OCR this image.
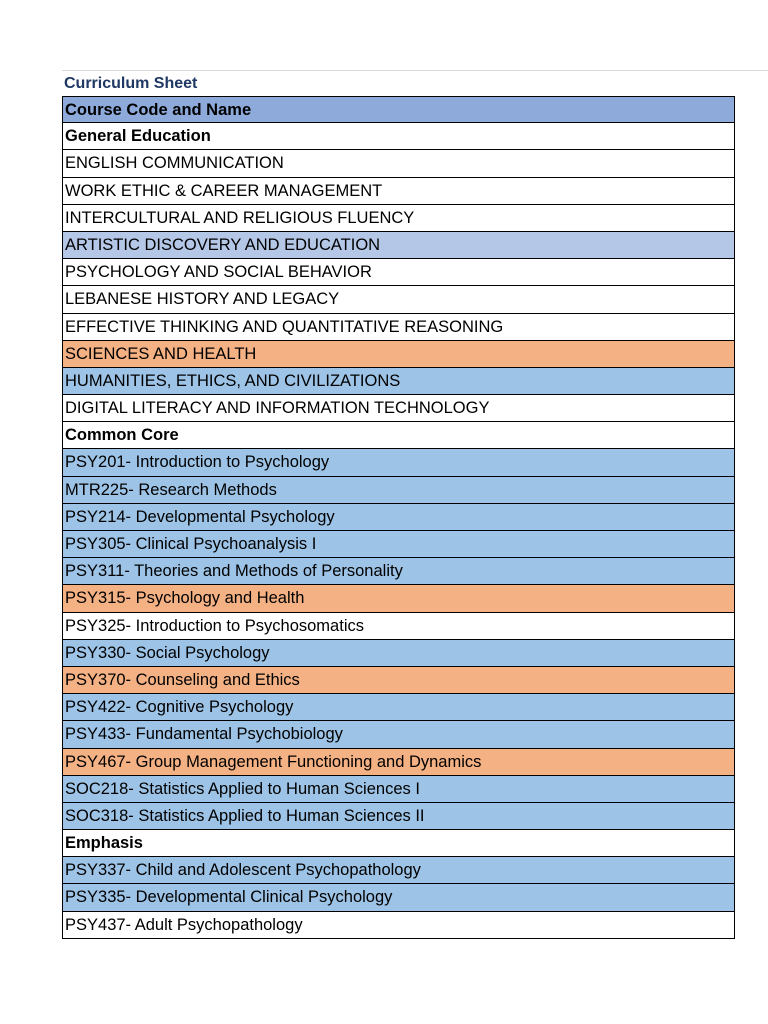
Curriculum Sheet
Course Code and Name
General Education
ENGLISH COMMUNICATION
WORK ETHIC & CAREER MANAGEMENT
INTERCULTURAL AND RELIGIOUS FLUENCY
ARTISTIC DISCOVERY AND EDUCATION
PSYCHOLOGY AND SOCIAL BEHAVIOR
LEBANESE HISTORY AND LEGACY
EFFECTIVE THINKING AND QUANTITATIVE REASONING
SCIENCES AND HEALTH
HUMANITIES, ETHICS, AND CIVILIZATIONS
DIGITAL LITERACY AND INFORMATION TECHNOLOGY
Common Core
PSY201- Introduction to Psychology
MTR225- Research Methods
PSY214- Developmental Psychology
PSY305- Clinical Psychoanalysis I
PSY311- Theories and Methods of Personality
PSY315- Psychology and Health
PSY325- Introduction to Psychosomatics
PSY330- Social Psychology
PSY370- Counseling and Ethics
PSY422- Cognitive Psychology
PSY433- Fundamental Psychobiology
PSY467- Group Management Functioning and Dynamics
SOC218- Statistics Applied to Human Sciences I
SOC318- Statistics Applied to Human Sciences II
Emphasis
PSY337- Child and Adolescent Psychopathology
PSY335- Developmental Clinical Psychology
PSY437- Adult Psychopathology
